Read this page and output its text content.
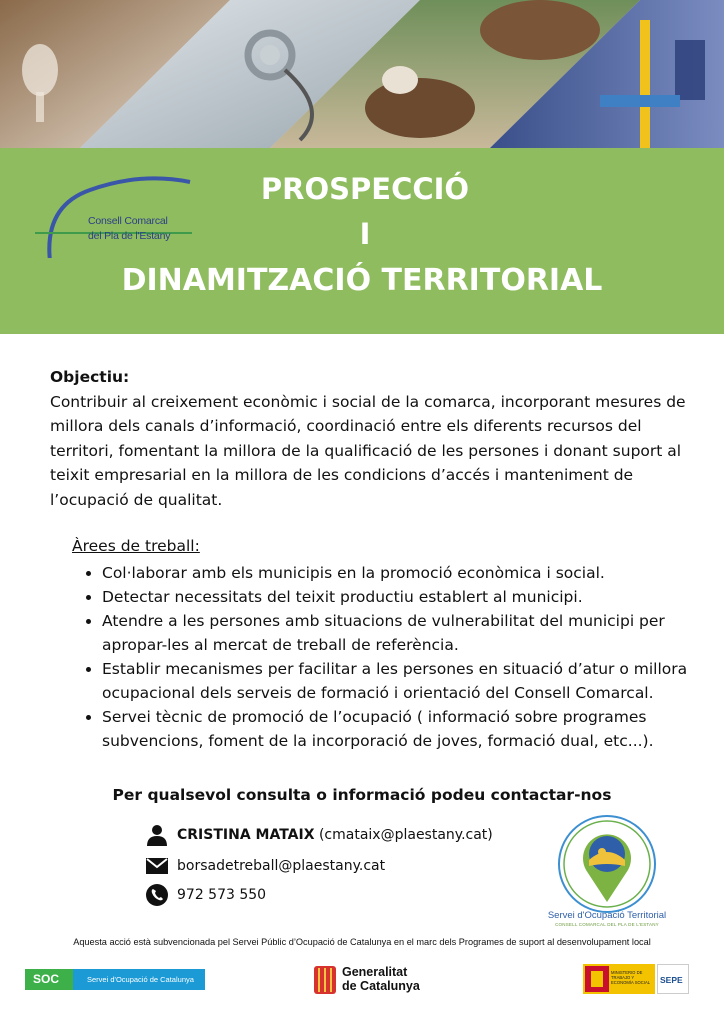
Consell Comarcal
del Pla de l'Estany
PROSPECCIÓ
I
DINAMITZACIÓ TERRITORIAL
Objectiu:
Contribuir al creixement econòmic i social de la comarca, incorporant mesures de millora dels canals d’informació, coordinació entre els diferents recursos del territori, fomentant la millora de la qualificació de les persones i donant suport al teixit empresarial en la millora de les condicions d’accés i manteniment de l’ocupació de qualitat.
Àrees de treball:
• Col·laborar amb els municipis en la promoció econòmica i social.
• Detectar necessitats del teixit productiu establert al municipi.
• Atendre a les persones amb situacions de vulnerabilitat del municipi per apropar-les al mercat de treball de referència.
• Establir mecanismes per facilitar a les persones en situació d’atur o millora ocupacional dels serveis de formació i orientació del Consell Comarcal.
• Servei tècnic de promoció de l’ocupació ( informació sobre programes subvencions, foment de la incorporació de joves, formació dual, etc...).
Per qualsevol consulta o informació podeu contactar-nos
CRISTINA MATAIX
(cmataix@plaestany.cat)
borsadetreball@plaestany.cat
972 573 550
Servei d'Ocupació Territorial
CONSELL COMARCAL DEL PLA DE L'ESTANY
Aquesta acció està subvencionada pel Servei Públic d’Ocupació de Catalunya en el marc dels Programes de suport al desenvolupament local
SOC	Servei d'Ocupació de Catalunya
Generalitat
de Catalunya
MINISTERIO DE TRABAJO Y ECONOMÍA SOCIAL	SEPE
